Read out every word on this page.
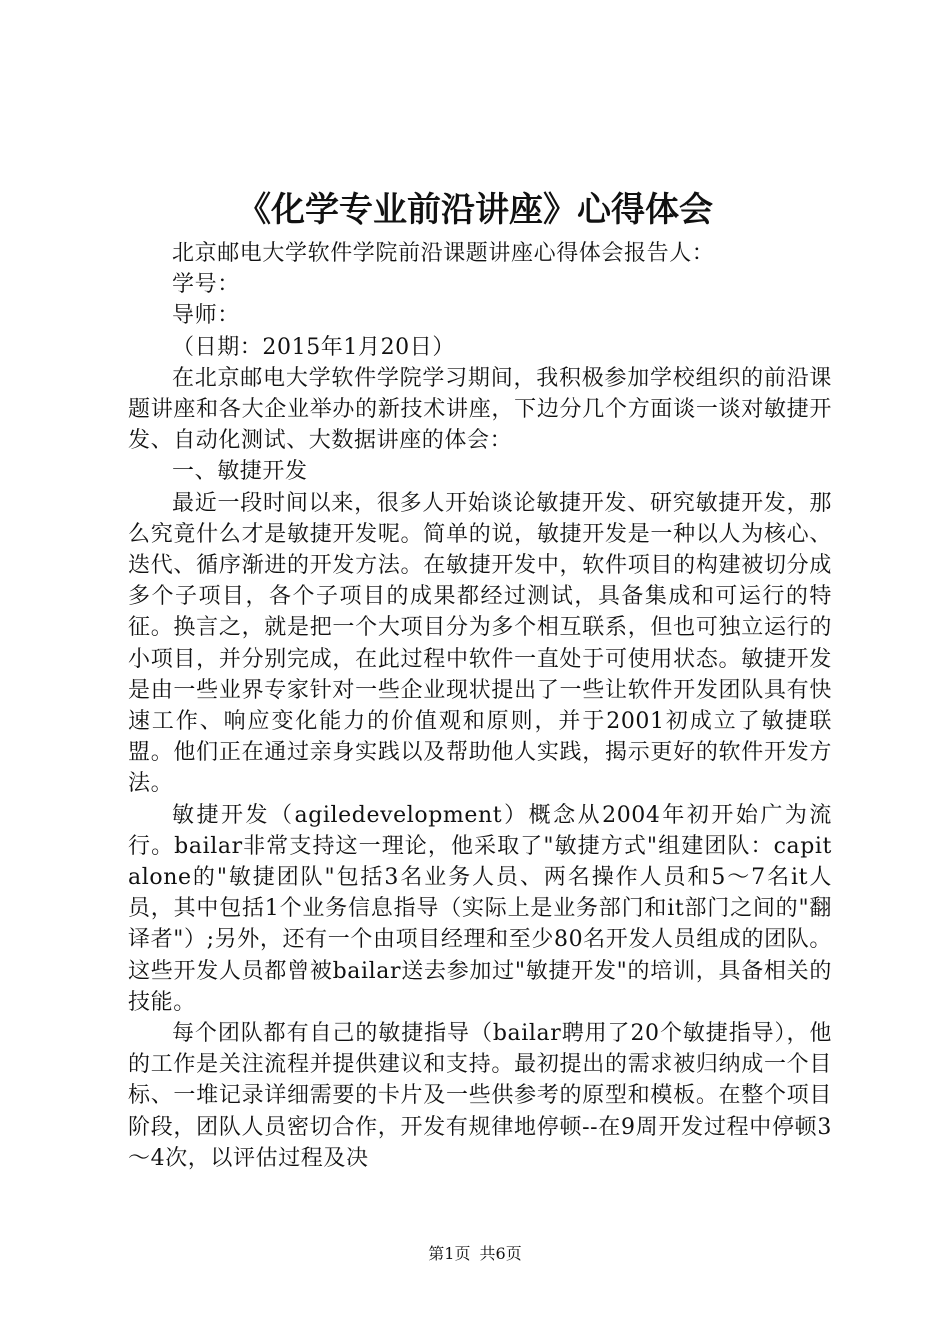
《化学专业前沿讲座》心得体会

北京邮电大学软件学院前沿课题讲座心得体会报告人：

学号：

导师：

（日期：2015年1月20日）

在北京邮电大学软件学院学习期间，我积极参加学校组织的前沿课题讲座和各大企业举办的新技术讲座，下边分几个方面谈一谈对敏捷开发、自动化测试、大数据讲座的体会：

一、敏捷开发

最近一段时间以来，很多人开始谈论敏捷开发、研究敏捷开发，那么究竟什么才是敏捷开发呢。简单的说，敏捷开发是一种以人为核心、迭代、循序渐进的开发方法。在敏捷开发中，软件项目的构建被切分成多个子项目，各个子项目的成果都经过测试，具备集成和可运行的特征。换言之，就是把一个大项目分为多个相互联系，但也可独立运行的小项目，并分别完成，在此过程中软件一直处于可使用状态。敏捷开发是由一些业界专家针对一些企业现状提出了一些让软件开发团队具有快速工作、响应变化能力的价值观和原则，并于2001初成立了敏捷联盟。他们正在通过亲身实践以及帮助他人实践，揭示更好的软件开发方法。

敏捷开发（agiledevelopment）概念从2004年初开始广为流行。bailar非常支持这一理论，他采取了"敏捷方式"组建团队：capitalone的"敏捷团队"包括3名业务人员、两名操作人员和5～7名it人员，其中包括1个业务信息指导（实际上是业务部门和it部门之间的"翻译者"）;另外，还有一个由项目经理和至少80名开发人员组成的团队。这些开发人员都曾被bailar送去参加过"敏捷开发"的培训，具备相关的技能。

每个团队都有自己的敏捷指导（bailar聘用了20个敏捷指导），他的工作是关注流程并提供建议和支持。最初提出的需求被归纳成一个目标、一堆记录详细需要的卡片及一些供参考的原型和模板。在整个项目阶段，团队人员密切合作，开发有规律地停顿--在9周开发过程中停顿3～4次，以评估过程及决

第1页 共6页
